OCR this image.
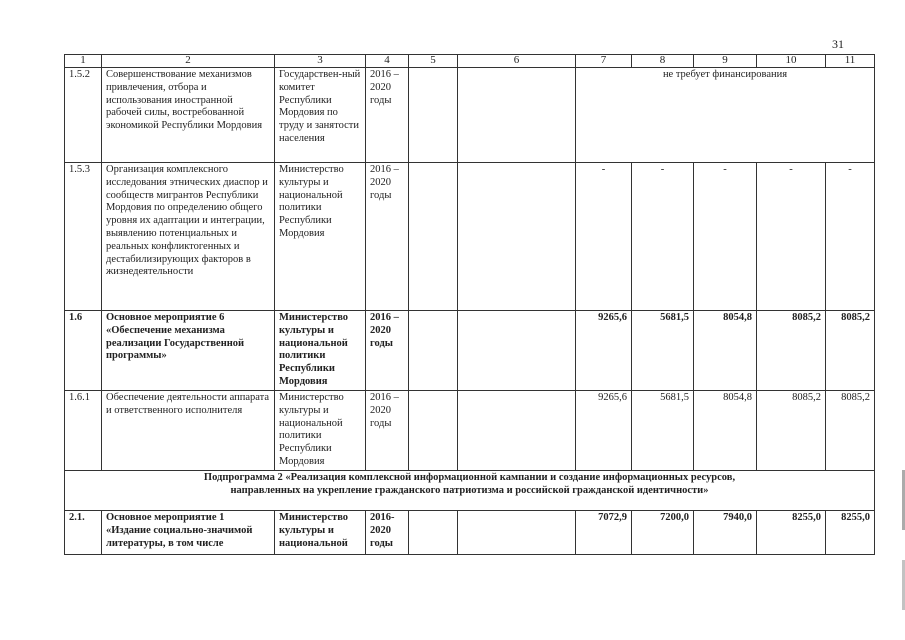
31
1	2	3	4	5	6	7	8	9	10	11
1.5.2	Совершенствование механизмов привлечения, отбора и использования иностранной рабочей силы, востребованной экономикой Республики Мордовия	Государствен-ный комитет Республики Мордовия по труду и занятости населения	2016 – 2020 годы			не требует финансирования				
1.5.3	Организация комплексного исследования этнических диаспор и сообществ мигрантов Республики Мордовия по определению общего уровня их адаптации и интеграции, выявлению потенциальных и реальных конфликтогенных и дестабилизирующих факторов в жизнедеятельности	Министерство культуры и национальной политики Республики Мордовия	2016 – 2020 годы			-	-	-	-	-
1.6	Основное мероприятие 6 «Обеспечение механизма реализации Государственной программы»	Министерство культуры и национальной политики Республики Мордовия	2016 – 2020 годы			9265,6	5681,5	8054,8	8085,2	8085,2
1.6.1	Обеспечение деятельности аппарата и ответственного исполнителя	Министерство культуры и национальной политики Республики Мордовия	2016 – 2020 годы			9265,6	5681,5	8054,8	8085,2	8085,2

Подпрограмма 2 «Реализация комплексной информационной кампании и создание информационных ресурсов,
направленных на укрепление гражданского патриотизма и российской гражданской идентичности»										

2.1.	Основное мероприятие 1 «Издание социально-значимой литературы, в том числе	Министерство культуры и национальной	2016-2020 годы			7072,9	7200,0	7940,0	8255,0	8255,0
